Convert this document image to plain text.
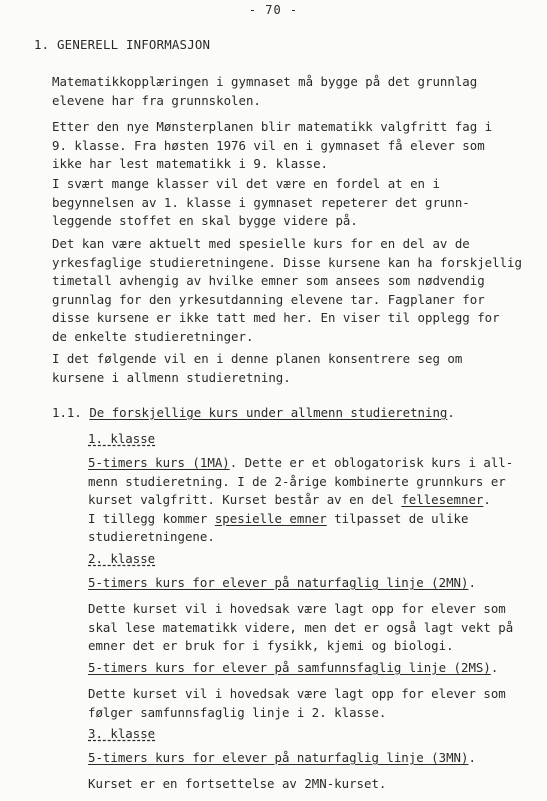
- 70 -
1. GENERELL INFORMASJON
Matematikkopplæringen i gymnaset må bygge på det grunnlag
elevene har fra grunnskolen.
Etter den nye Mønsterplanen blir matematikk valgfritt fag i
9. klasse. Fra høsten 1976 vil en i gymnaset få elever som
ikke har lest matematikk i 9. klasse.
I svært mange klasser vil det være en fordel at en i
begynnelsen av 1. klasse i gymnaset repeterer det grunn-
leggende stoffet en skal bygge videre på.
Det kan være aktuelt med spesielle kurs for en del av de
yrkesfaglige studieretningene. Disse kursene kan ha forskjellig
timetall avhengig av hvilke emner som ansees som nødvendig
grunnlag for den yrkesutdanning elevene tar. Fagplaner for
disse kursene er ikke tatt med her. En viser til opplegg for
de enkelte studieretninger.
I det følgende vil en i denne planen konsentrere seg om
kursene i allmenn studieretning.
1.1. De forskjellige kurs under allmenn studieretning.
1. klasse
5-timers kurs (1MA). Dette er et oblogatorisk kurs i all-
menn studieretning. I de 2-årige kombinerte grunnkurs er
kurset valgfritt. Kurset består av en del fellesemner.
I tillegg kommer spesielle emner tilpasset de ulike
studieretningene.
2. klasse
5-timers kurs for elever på naturfaglig linje (2MN).
Dette kurset vil i hovedsak være lagt opp for elever som
skal lese matematikk videre, men det er også lagt vekt på
emner det er bruk for i fysikk, kjemi og biologi.
5-timers kurs for elever på samfunnsfaglig linje (2MS).
Dette kurset vil i hovedsak være lagt opp for elever som
følger samfunnsfaglig linje i 2. klasse.
3. klasse
5-timers kurs for elever på naturfaglig linje (3MN).
Kurset er en fortsettelse av 2MN-kurset.
